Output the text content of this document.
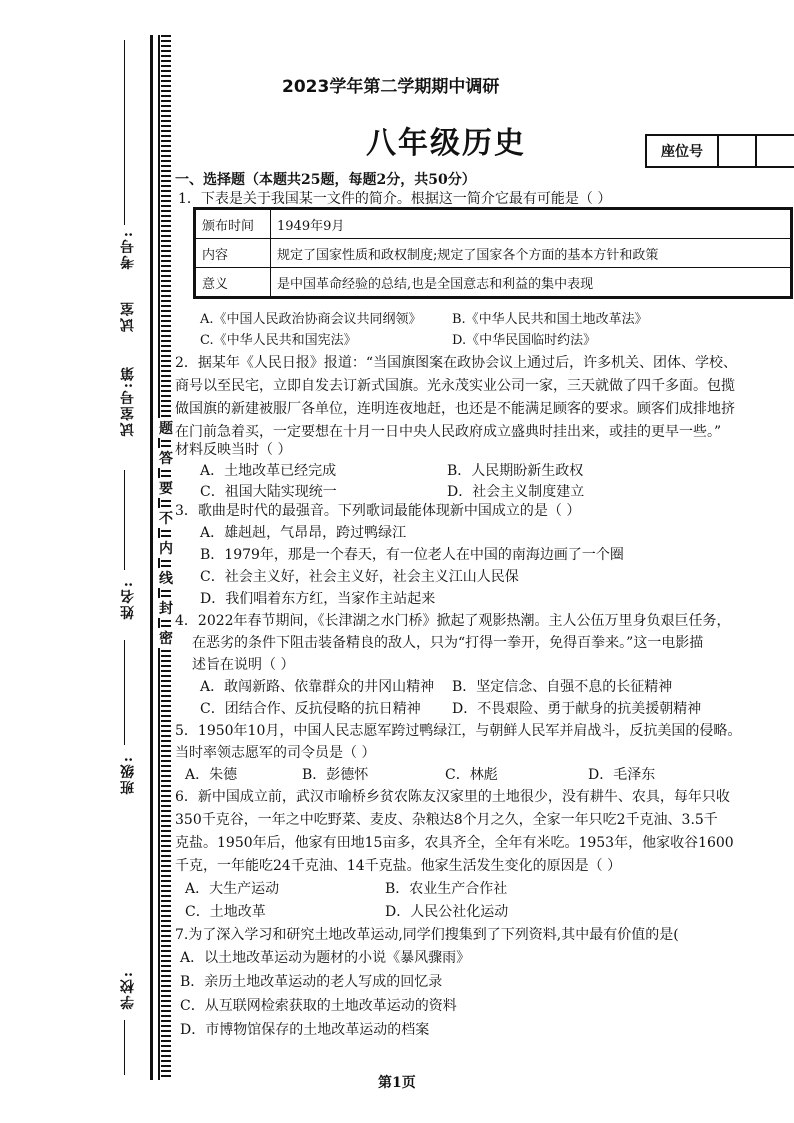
考号:
试室
试室号:第
姓名:
班级:
学校:
题
答
要
不
内
线
封
密
2023学年第二学期期中调研
八年级历史	座位号
一、选择题（本题共25题，每题2分，共50分）
1．下表是关于我国某一文件的简介。根据这一简介它最有可能是（ ）
颁布时间	1949年9月
内容	规定了国家性质和政权制度;规定了国家各个方面的基本方针和政策
意义	是中国革命经验的总结,也是全国意志和利益的集中表现
A.《中国人民政治协商会议共同纲领》 B.《中华人民共和国土地改革法》
C.《中华人民共和国宪法》	D.《中华民国临时约法》
2．据某年《人民日报》报道：“当国旗图案在政协会议上通过后，许多机关、团体、学校、
商号以至民宅，立即自发去订新式国旗。光永茂实业公司一家，三天就做了四千多面。包揽
做国旗的新建被服厂各单位，连明连夜地赶，也还是不能满足顾客的要求。顾客们成排地挤
在门前急着买，一定要想在十月一日中央人民政府成立盛典时挂出来，或挂的更早一些。”
材料反映当时（ ）
A．土地改革已经完成	B．人民期盼新生政权
C．祖国大陆实现统一	D．社会主义制度建立
3．歌曲是时代的最强音。下列歌词最能体现新中国成立的是（ ）
A．雄赳赳，气昂昂，跨过鸭绿江
B．1979年，那是一个春天，有一位老人在中国的南海边画了一个圈
C．社会主义好，社会主义好，社会主义江山人民保
D．我们唱着东方红，当家作主站起来
4．2022年春节期间，《长津湖之水门桥》掀起了观影热潮。主人公伍万里身负艰巨任务，
在恶劣的条件下阻击装备精良的敌人，只为“打得一拳开，免得百拳来。”这一电影描
述旨在说明（ ）
A．敢闯新路、依靠群众的井冈山精神 B．坚定信念、自强不息的长征精神
C．团结合作、反抗侵略的抗日精神 D．不畏艰险、勇于献身的抗美援朝精神
5．1950年10月，中国人民志愿军跨过鸭绿江，与朝鲜人民军并肩战斗，反抗美国的侵略。
当时率领志愿军的司令员是（ ）
A．朱德	B．彭德怀	C．林彪	D．毛泽东
6．新中国成立前，武汉市喻桥乡贫农陈友汉家里的土地很少，没有耕牛、农具，每年只收
350千克谷，一年之中吃野菜、麦皮、杂粮达8个月之久，全家一年只吃2千克油、3.5千
克盐。1950年后，他家有田地15亩多，农具齐全，全年有米吃。1953年，他家收谷1600
千克，一年能吃24千克油、14千克盐。他家生活发生变化的原因是（ ）
A．大生产运动	B．农业生产合作社
C．土地改革	D．人民公社化运动
7.为了深入学习和研究土地改革运动,同学们搜集到了下列资料,其中最有价值的是(
A．以土地改革运动为题材的小说《暴风骤雨》
B．亲历土地改革运动的老人写成的回忆录
C．从互联网检索获取的土地改革运动的资料
D．市博物馆保存的土地改革运动的档案
第1页
